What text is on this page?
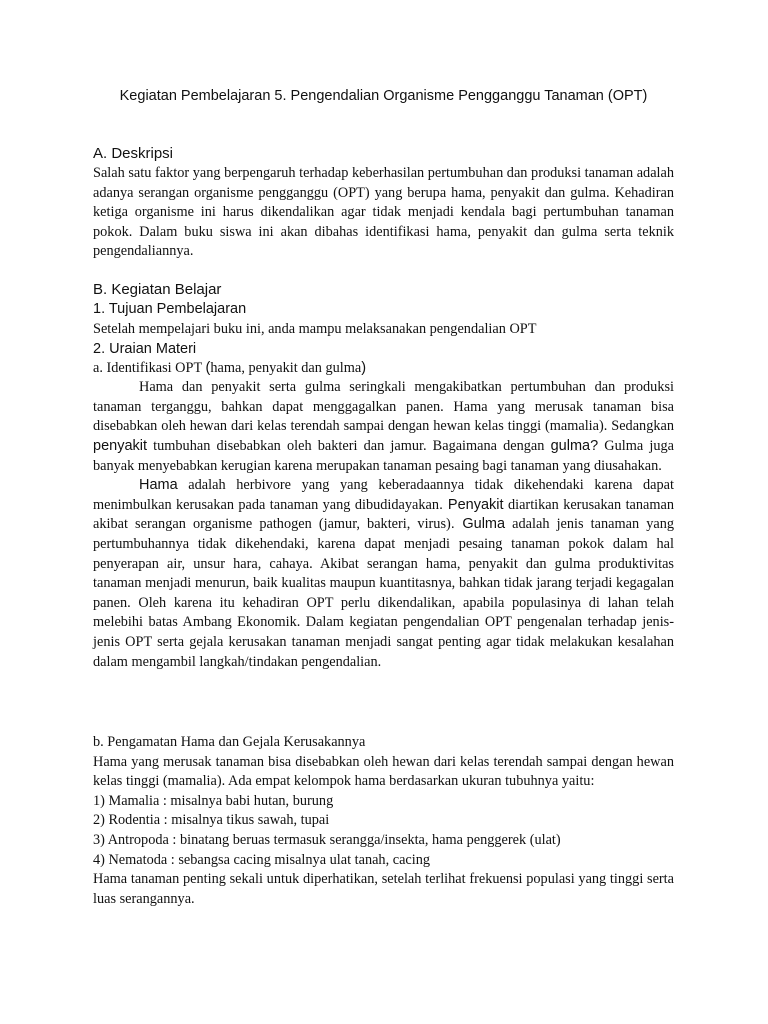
Kegiatan Pembelajaran 5. Pengendalian Organisme Pengganggu Tanaman (OPT)
A. Deskripsi

Salah satu faktor yang berpengaruh terhadap keberhasilan pertumbuhan dan produksi tanaman adalah adanya serangan organisme pengganggu (OPT) yang berupa hama, penyakit dan gulma. Kehadiran ketiga organisme ini harus dikendalikan agar tidak menjadi kendala bagi pertumbuhan tanaman pokok. Dalam buku siswa ini akan dibahas identifikasi hama, penyakit dan gulma serta teknik pengendaliannya.

B. Kegiatan Belajar
1. Tujuan Pembelajaran

Setelah mempelajari buku ini, anda mampu melaksanakan pengendalian OPT

2. Uraian Materi
a. Identifikasi OPT (hama, penyakit dan gulma)

Hama dan penyakit serta gulma seringkali mengakibatkan pertumbuhan dan produksi tanaman terganggu, bahkan dapat menggagalkan panen. Hama yang merusak tanaman bisa disebabkan oleh hewan dari kelas terendah sampai dengan hewan kelas tinggi (mamalia). Sedangkan penyakit tumbuhan disebabkan oleh bakteri dan jamur. Bagaimana dengan gulma? Gulma juga banyak menyebabkan kerugian karena merupakan tanaman pesaing bagi tanaman yang diusahakan.

Hama adalah herbivore yang yang keberadaannya tidak dikehendaki karena dapat menimbulkan kerusakan pada tanaman yang dibudidayakan. Penyakit diartikan kerusakan tanaman akibat serangan organisme pathogen (jamur, bakteri, virus). Gulma adalah jenis tanaman yang pertumbuhannya tidak dikehendaki, karena dapat menjadi pesaing tanaman pokok dalam hal penyerapan air, unsur hara, cahaya. Akibat serangan hama, penyakit dan gulma produktivitas tanaman menjadi menurun, baik kualitas maupun kuantitasnya, bahkan tidak jarang terjadi kegagalan panen. Oleh karena itu kehadiran OPT perlu dikendalikan, apabila populasinya di lahan telah melebihi batas Ambang Ekonomik. Dalam kegiatan pengendalian OPT pengenalan terhadap jenis-jenis OPT serta gejala kerusakan tanaman menjadi sangat penting agar tidak melakukan kesalahan dalam mengambil langkah/tindakan pengendalian.

b. Pengamatan Hama dan Gejala Kerusakannya

Hama yang merusak tanaman bisa disebabkan oleh hewan dari kelas terendah sampai dengan hewan kelas tinggi (mamalia). Ada empat kelompok hama berdasarkan ukuran tubuhnya yaitu:

1) Mamalia : misalnya babi hutan, burung
2) Rodentia : misalnya tikus sawah, tupai
3) Antropoda : binatang beruas termasuk serangga/insekta, hama penggerek (ulat)
4) Nematoda : sebangsa cacing misalnya ulat tanah, cacing

Hama tanaman penting sekali untuk diperhatikan, setelah terlihat frekuensi populasi yang tinggi serta luas serangannya.
